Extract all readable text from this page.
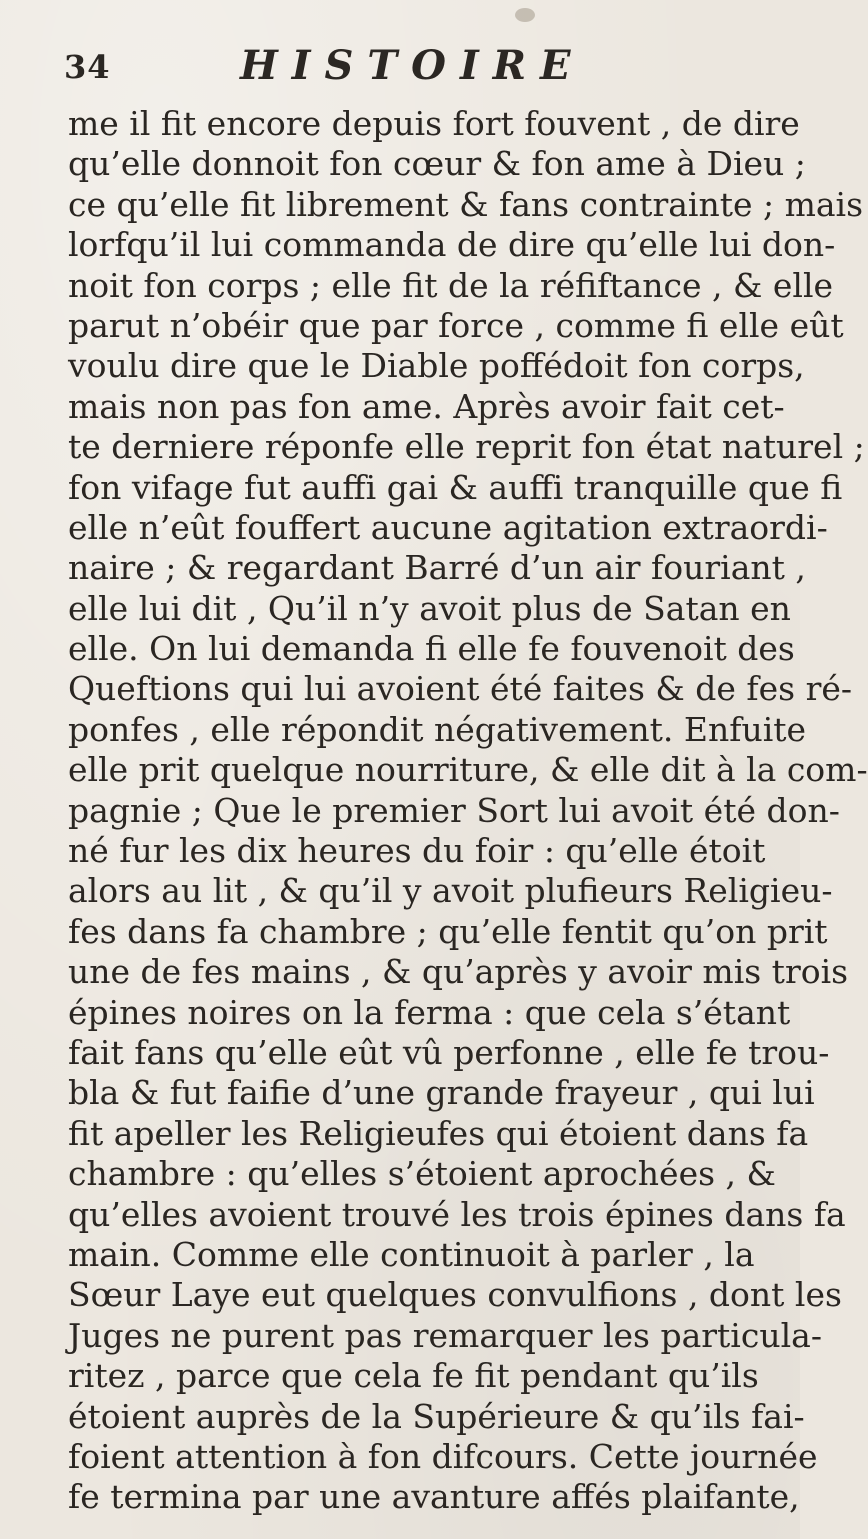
34	HISTOIRE
me il fit encore depuis fort fouvent , de dire
qu’elle donnoit fon cœur & fon ame à Dieu ;
ce qu’elle fit librement & fans contrainte ; mais
lorfqu’il lui commanda de dire qu’elle lui don-
noit fon corps ; elle fit de la réfiftance , & elle
parut n’obéir que par force , comme fi elle eût
voulu dire que le Diable poffédoit fon corps,
mais non pas fon ame. Après avoir fait cet-
te derniere réponfe elle reprit fon état naturel ;
fon vifage fut auffi gai & auffi tranquille que fi
elle n’eût fouffert aucune agitation extraordi-
naire ; & regardant Barré d’un air fouriant ,
elle lui dit , Qu’il n’y avoit plus de Satan en
elle. On lui demanda fi elle fe fouvenoit des
Queftions qui lui avoient été faites & de fes ré-
ponfes , elle répondit négativement. Enfuite
elle prit quelque nourriture, & elle dit à la com-
pagnie ; Que le premier Sort lui avoit été don-
né fur les dix heures du foir : qu’elle étoit
alors au lit , & qu’il y avoit plufieurs Religieu-
fes dans fa chambre ; qu’elle fentit qu’on prit
une de fes mains , & qu’après y avoir mis trois
épines noires on la ferma : que cela s’étant
fait fans qu’elle eût vû perfonne , elle fe trou-
bla & fut faifie d’une grande frayeur , qui lui
fit apeller les Religieufes qui étoient dans fa
chambre : qu’elles s’étoient aprochées , &
qu’elles avoient trouvé les trois épines dans fa
main. Comme elle continuoit à parler , la
Sœur Laye eut quelques convulfions , dont les
Juges ne purent pas remarquer les particula-
ritez , parce que cela fe fit pendant qu’ils
étoient auprès de la Supérieure & qu’ils fai-
foient attention à fon difcours. Cette journée
fe termina par une avanture affés plaifante,
